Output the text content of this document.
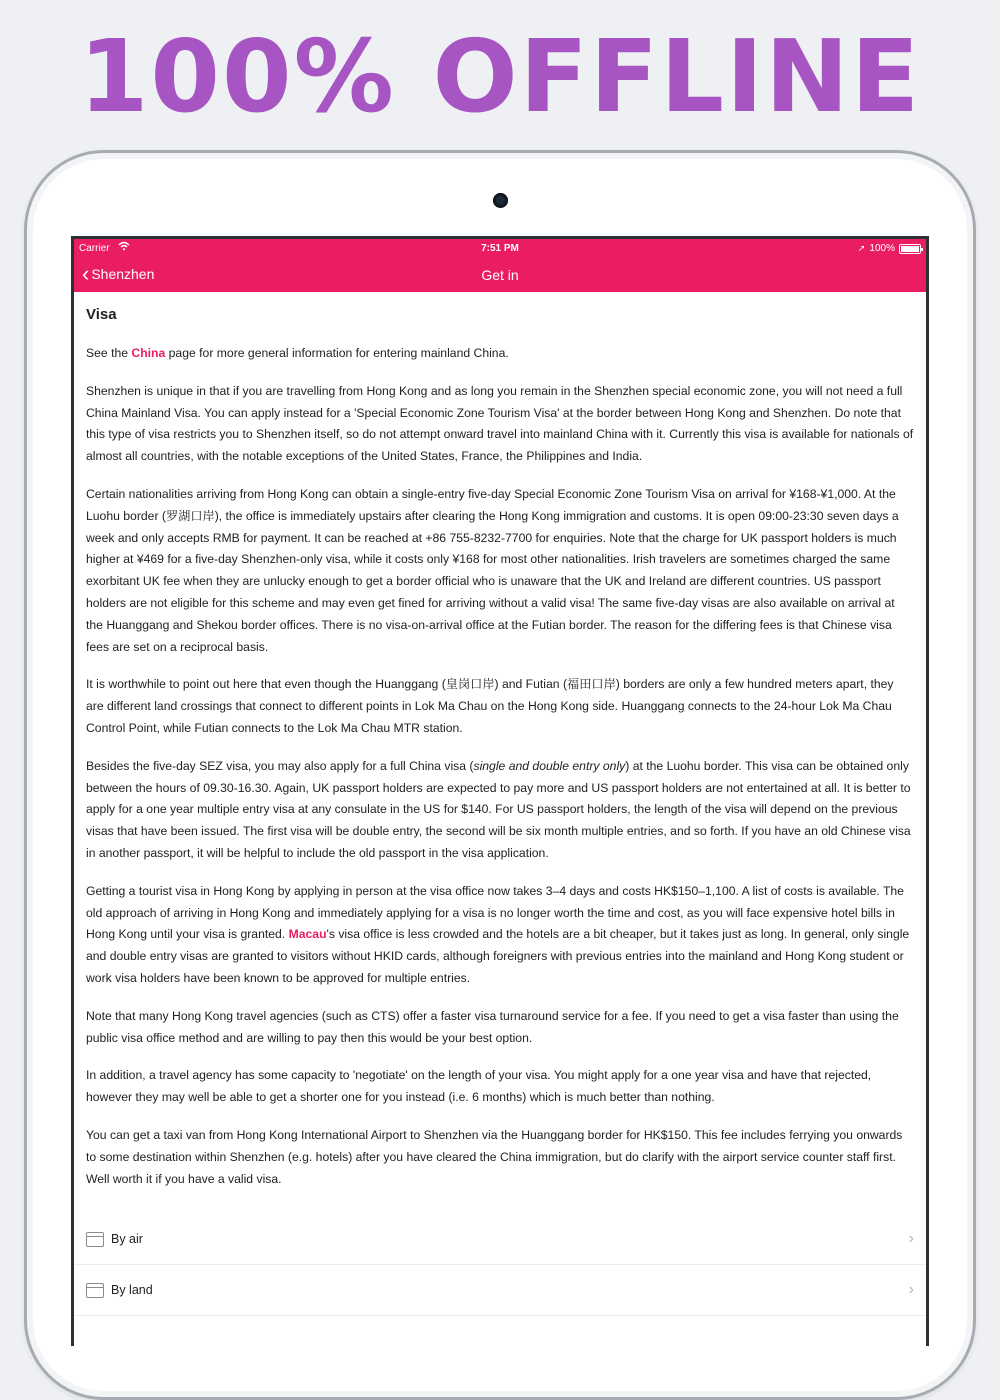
100% OFFLINE
Carrier	7:51 PM	➚ 100%
‹ Shenzhen	Get in
Visa

See the China page for more general information for entering mainland China.

Shenzhen is unique in that if you are travelling from Hong Kong and as long you remain in the Shenzhen special economic zone, you will not need a full China Mainland Visa. You can apply instead for a 'Special Economic Zone Tourism Visa' at the border between Hong Kong and Shenzhen. Do note that this type of visa restricts you to Shenzhen itself, so do not attempt onward travel into mainland China with it. Currently this visa is available for nationals of almost all countries, with the notable exceptions of the United States, France, the Philippines and India.

Certain nationalities arriving from Hong Kong can obtain a single-entry five-day Special Economic Zone Tourism Visa on arrival for ¥168-¥1,000. At the Luohu border (罗湖口岸), the office is immediately upstairs after clearing the Hong Kong immigration and customs. It is open 09:00-23:30 seven days a week and only accepts RMB for payment. It can be reached at +86 755-8232-7700 for enquiries. Note that the charge for UK passport holders is much higher at ¥469 for a five-day Shenzhen-only visa, while it costs only ¥168 for most other nationalities. Irish travelers are sometimes charged the same exorbitant UK fee when they are unlucky enough to get a border official who is unaware that the UK and Ireland are different countries. US passport holders are not eligible for this scheme and may even get fined for arriving without a valid visa! The same five-day visas are also available on arrival at the Huanggang and Shekou border offices. There is no visa-on-arrival office at the Futian border. The reason for the differing fees is that Chinese visa fees are set on a reciprocal basis.

It is worthwhile to point out here that even though the Huanggang (皇岗口岸) and Futian (福田口岸) borders are only a few hundred meters apart, they are different land crossings that connect to different points in Lok Ma Chau on the Hong Kong side. Huanggang connects to the 24-hour Lok Ma Chau Control Point, while Futian connects to the Lok Ma Chau MTR station.

Besides the five-day SEZ visa, you may also apply for a full China visa (single and double entry only) at the Luohu border. This visa can be obtained only between the hours of 09.30-16.30. Again, UK passport holders are expected to pay more and US passport holders are not entertained at all. It is better to apply for a one year multiple entry visa at any consulate in the US for $140. For US passport holders, the length of the visa will depend on the previous visas that have been issued. The first visa will be double entry, the second will be six month multiple entries, and so forth. If you have an old Chinese visa in another passport, it will be helpful to include the old passport in the visa application.

Getting a tourist visa in Hong Kong by applying in person at the visa office now takes 3–4 days and costs HK$150–1,100. A list of costs is available. The old approach of arriving in Hong Kong and immediately applying for a visa is no longer worth the time and cost, as you will face expensive hotel bills in Hong Kong until your visa is granted. Macau's visa office is less crowded and the hotels are a bit cheaper, but it takes just as long. In general, only single and double entry visas are granted to visitors without HKID cards, although foreigners with previous entries into the mainland and Hong Kong student or work visa holders have been known to be approved for multiple entries.

Note that many Hong Kong travel agencies (such as CTS) offer a faster visa turnaround service for a fee. If you need to get a visa faster than using the public visa office method and are willing to pay then this would be your best option.

In addition, a travel agency has some capacity to 'negotiate' on the length of your visa. You might apply for a one year visa and have that rejected, however they may well be able to get a shorter one for you instead (i.e. 6 months) which is much better than nothing.

You can get a taxi van from Hong Kong International Airport to Shenzhen via the Huanggang border for HK$150. This fee includes ferrying you onwards to some destination within Shenzhen (e.g. hotels) after you have cleared the China immigration, but do clarify with the airport service counter staff first. Well worth it if you have a valid visa.

By air	›
By land	›
